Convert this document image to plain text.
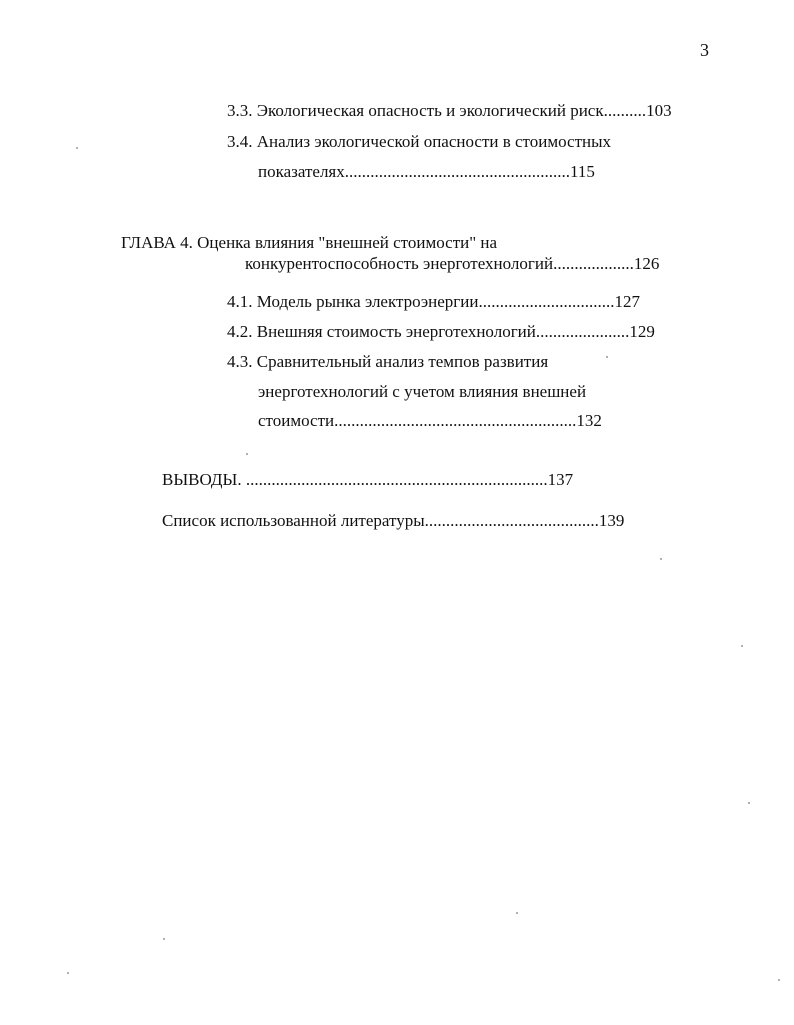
3
3.3. Экологическая опасность и экологический риск..........103
3.4. Анализ экологической опасности в стоимостных
показателях.....................................................115
ГЛАВА 4. Оценка влияния "внешней стоимости" на
конкурентоспособность энерготехнологий...................126
4.1. Модель рынка электроэнергии................................127
4.2. Внешняя стоимость энерготехнологий......................129
4.3. Сравнительный анализ темпов развития
энерготехнологий с учетом влияния внешней
стоимости.........................................................132
ВЫВОДЫ. .......................................................................137
Список использованной литературы.........................................139
